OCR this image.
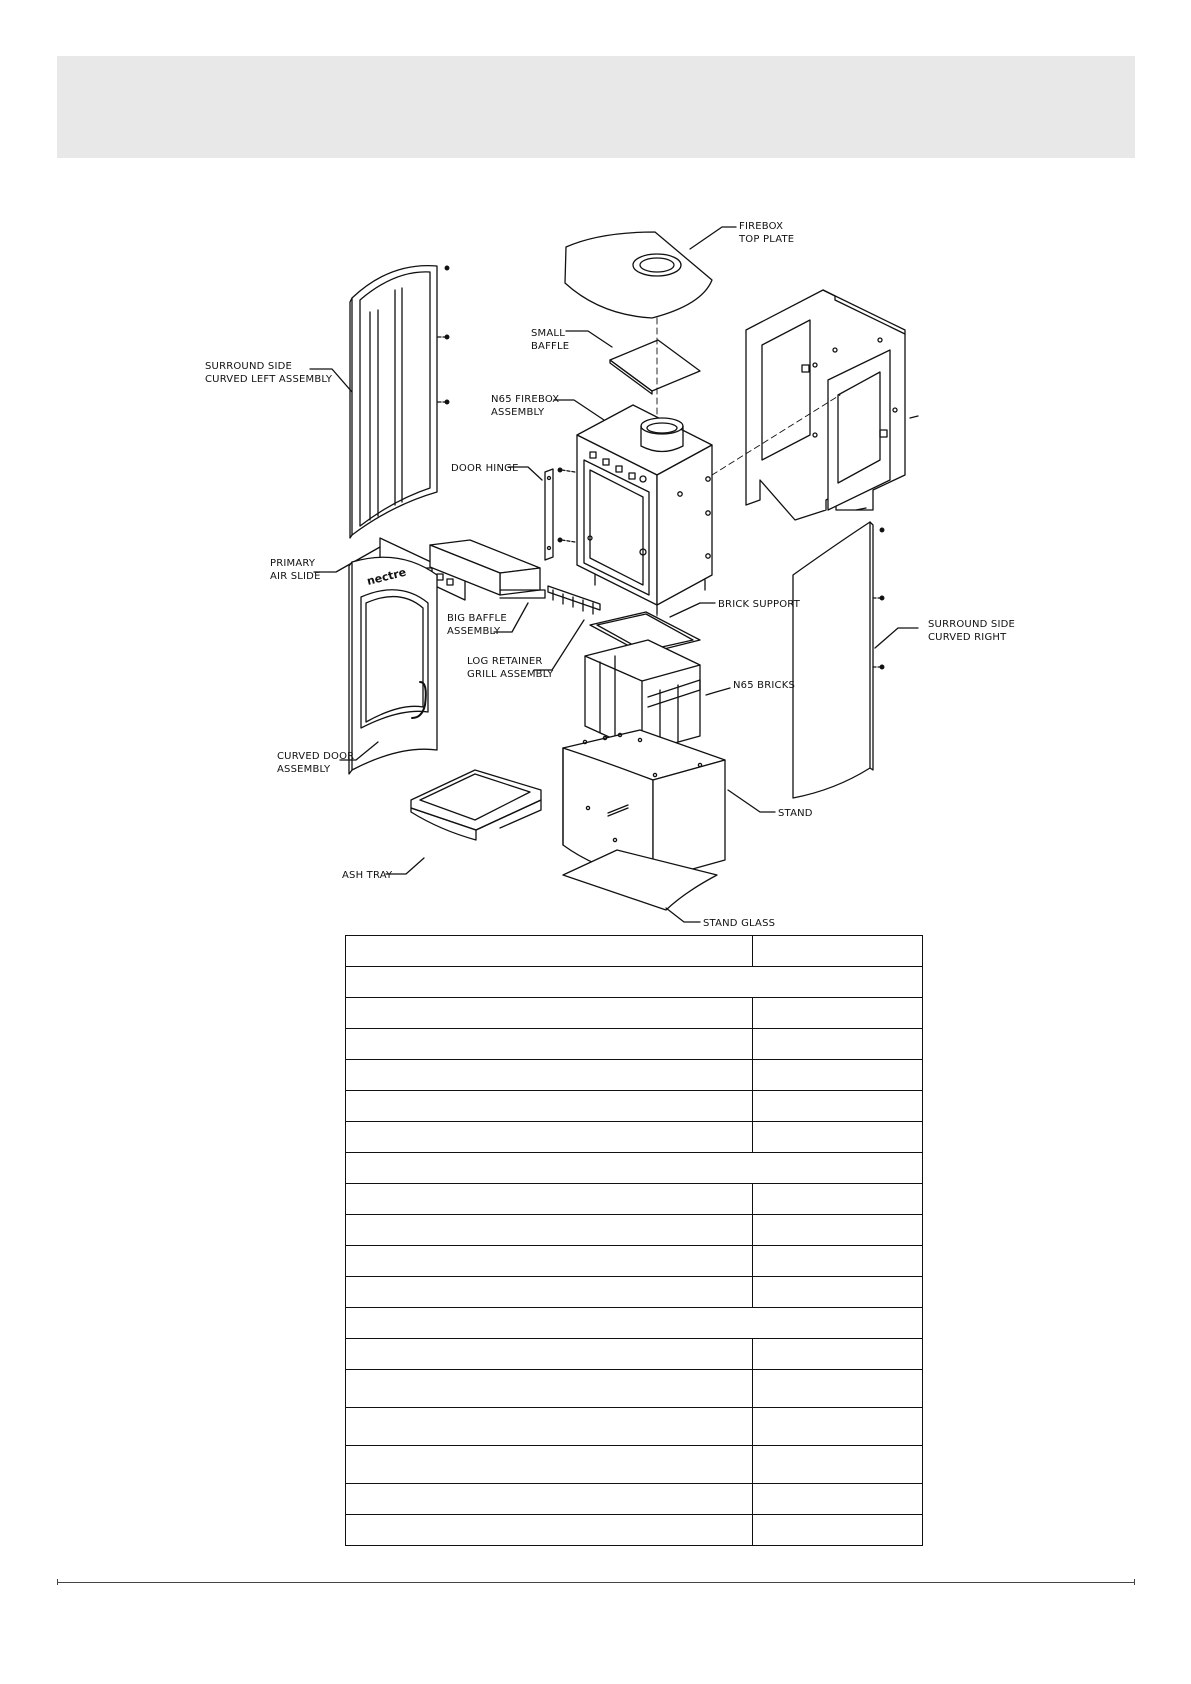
nectre
FIREBOX
TOP PLATE
SMALL
BAFFLE
SURROUND SIDE
CURVED LEFT ASSEMBLY
N65 FIREBOX
ASSEMBLY
DOOR HINGE
PRIMARY
AIR SLIDE
BIG BAFFLE
ASSEMBLY
LOG RETAINER
GRILL ASSEMBLY
BRICK SUPPORT
SURROUND SIDE
CURVED RIGHT
N65 BRICKS
CURVED DOOR
ASSEMBLY
STAND
ASH TRAY
STAND GLASS
